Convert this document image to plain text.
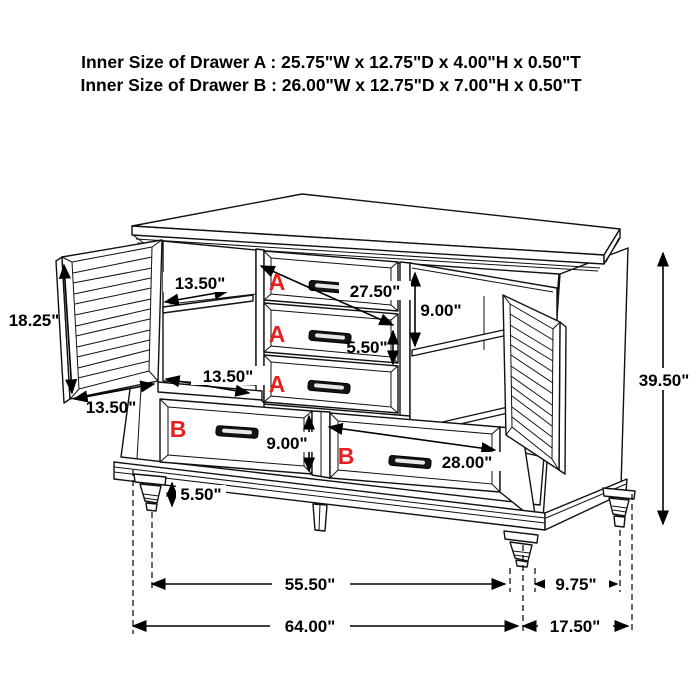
18.25"
13.50"
13.50"
13.50"
27.50"
5.50"
9.00"
9.00"
5.50"
28.00"
39.50"
55.50"	9.75"
64.00"	17.50"
A
A
A
B
B
Inner Size of Drawer A : 25.75"W x 12.75"D x 4.00"H x 0.50"T
Inner Size of Drawer B : 26.00"W x 12.75"D x 7.00"H x 0.50"T
